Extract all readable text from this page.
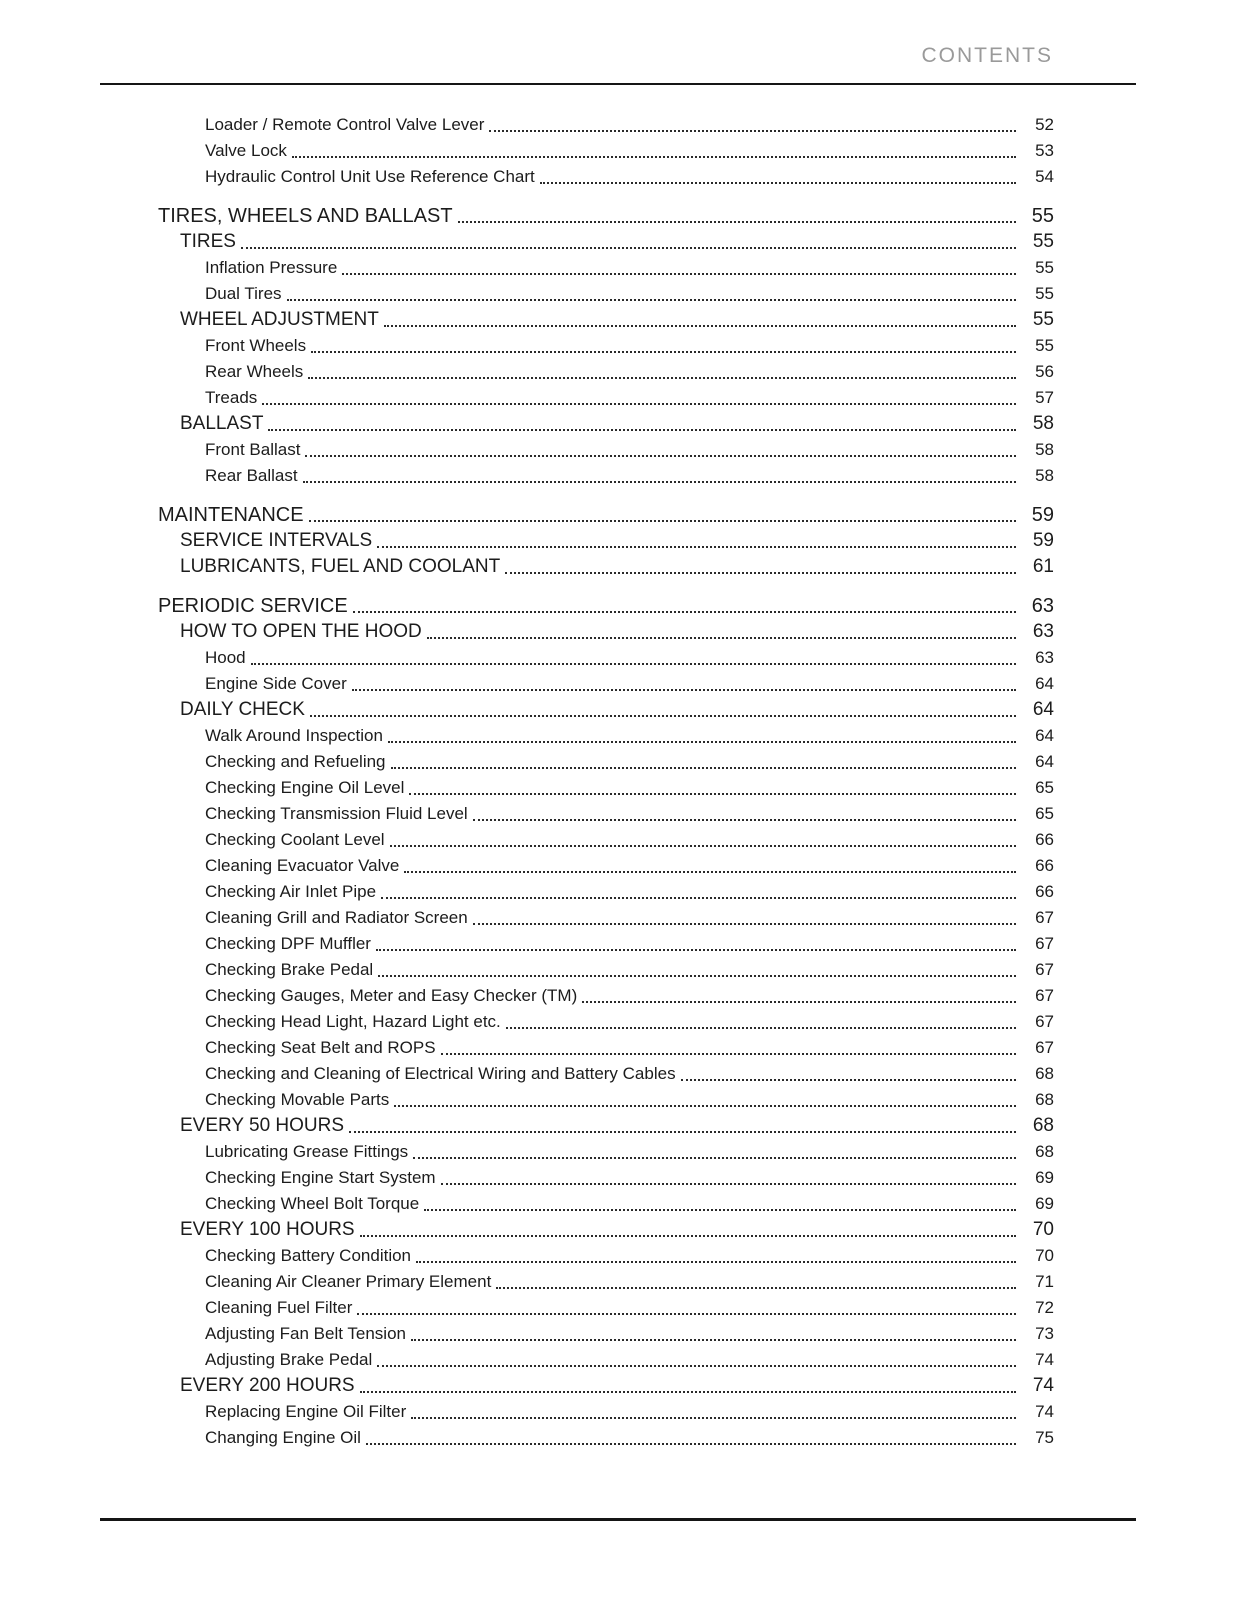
CONTENTS
Loader / Remote Control Valve Lever	52
Valve Lock	53
Hydraulic Control Unit Use Reference Chart	54
TIRES, WHEELS AND BALLAST	55
TIRES	55
Inflation Pressure	55
Dual Tires	55
WHEEL ADJUSTMENT	55
Front Wheels	55
Rear Wheels	56
Treads	57
BALLAST	58
Front Ballast	58
Rear Ballast	58
MAINTENANCE	59
SERVICE INTERVALS	59
LUBRICANTS, FUEL AND COOLANT	61
PERIODIC SERVICE	63
HOW TO OPEN THE HOOD	63
Hood	63
Engine Side Cover	64
DAILY CHECK	64
Walk Around Inspection	64
Checking and Refueling	64
Checking Engine Oil Level	65
Checking Transmission Fluid Level	65
Checking Coolant Level	66
Cleaning Evacuator Valve	66
Checking Air Inlet Pipe	66
Cleaning Grill and Radiator Screen	67
Checking DPF Muffler	67
Checking Brake Pedal	67
Checking Gauges, Meter and Easy Checker (TM)	67
Checking Head Light, Hazard Light etc.	67
Checking Seat Belt and ROPS	67
Checking and Cleaning of Electrical Wiring and Battery Cables	68
Checking Movable Parts	68
EVERY 50 HOURS	68
Lubricating Grease Fittings	68
Checking Engine Start System	69
Checking Wheel Bolt Torque	69
EVERY 100 HOURS	70
Checking Battery Condition	70
Cleaning Air Cleaner Primary Element	71
Cleaning Fuel Filter	72
Adjusting Fan Belt Tension	73
Adjusting Brake Pedal	74
EVERY 200 HOURS	74
Replacing Engine Oil Filter	74
Changing Engine Oil	75
